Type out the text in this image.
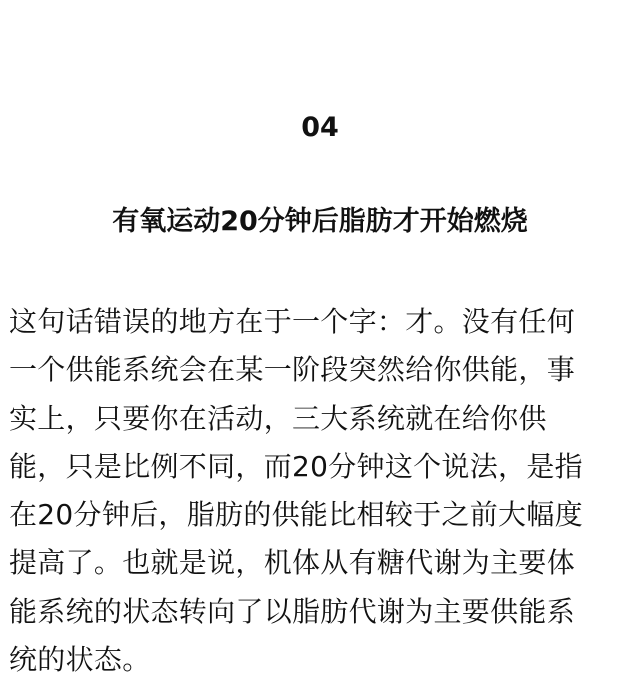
04
有氧运动20分钟后脂肪才开始燃烧
这句话错误的地方在于一个字：才。没有任何
一个供能系统会在某一阶段突然给你供能，事
实上，只要你在活动，三大系统就在给你供
能，只是比例不同，而20分钟这个说法，是指
在20分钟后，脂肪的供能比相较于之前大幅度
提高了。也就是说，机体从有糖代谢为主要体
能系统的状态转向了以脂肪代谢为主要供能系
统的状态。
